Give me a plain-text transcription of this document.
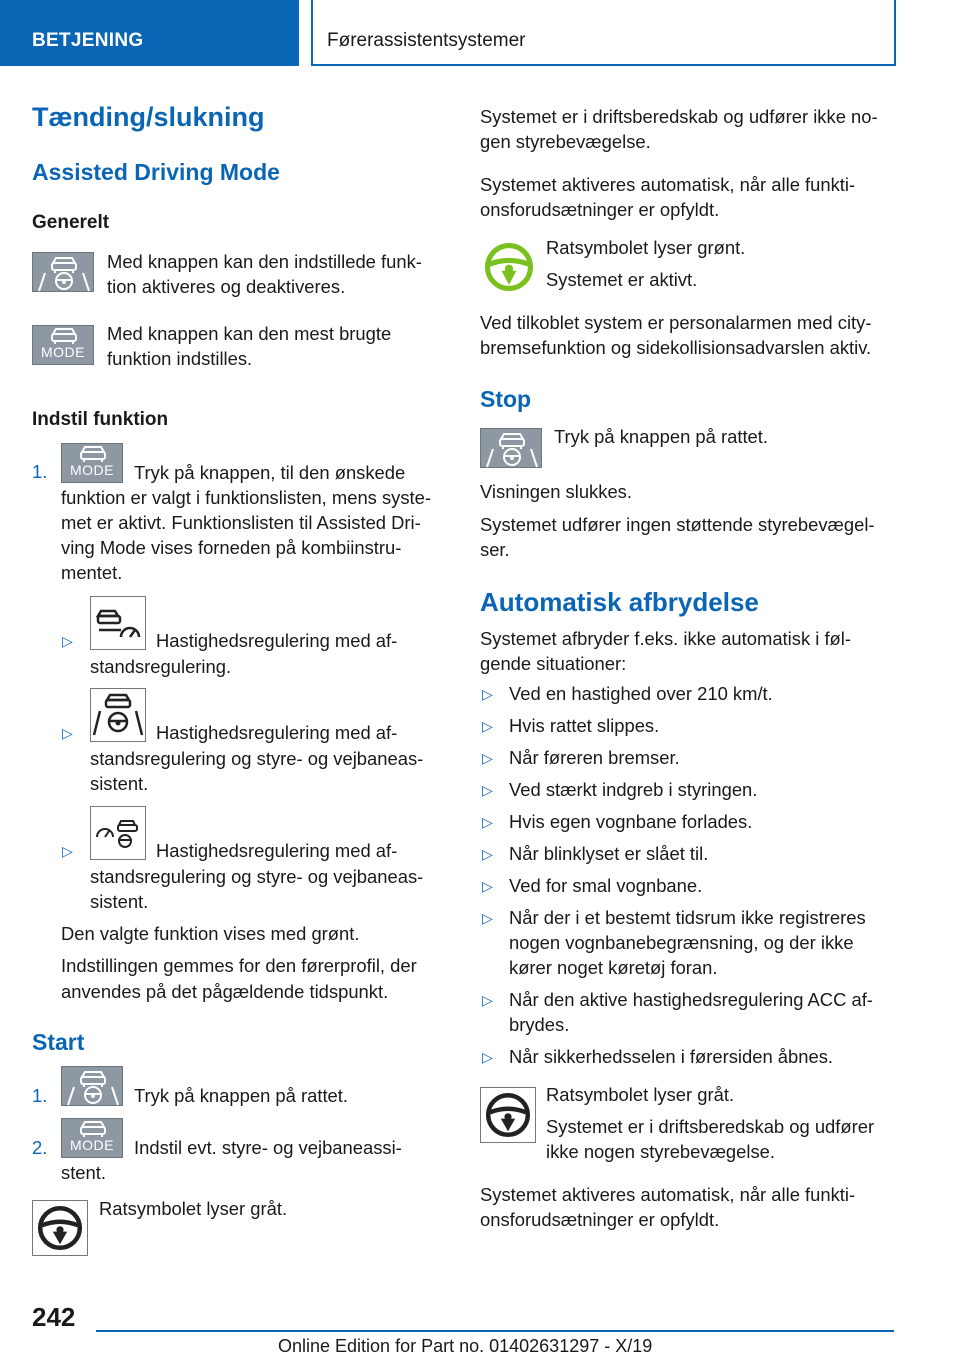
BETJENING	Førerassistentsystemer
Tænding/slukning
Assisted Driving Mode
Generelt
Med knappen kan den indstillede funk-
tion aktiveres og deaktiveres.
MODE
Med knappen kan den mest brugte
funktion indstilles.
Indstil funktion
1.	MODE	Tryk på knappen, til den ønskede
funktion er valgt i funktionslisten, mens syste-
met er aktivt. Funktionslisten til Assisted Dri-
ving Mode vises forneden på kombiinstru-
mentet.
▷	Hastighedsregulering med af-
standsregulering.
▷	Hastighedsregulering med af-
standsregulering og styre- og vejbaneas-
sistent.
▷	Hastighedsregulering med af-
standsregulering og styre- og vejbaneas-
sistent.
Den valgte funktion vises med grønt.
Indstillingen gemmes for den førerprofil, der
anvendes på det pågældende tidspunkt.
Start
1.	Tryk på knappen på rattet.
2.	MODE	Indstil evt. styre- og vejbaneassi-
stent.
Ratsymbolet lyser gråt.
Systemet er i driftsberedskab og udfører ikke no-
gen styrebevægelse.
Systemet aktiveres automatisk, når alle funkti-
onsforudsætninger er opfyldt.
Ratsymbolet lyser grønt.
Systemet er aktivt.
Ved tilkoblet system er personalarmen med city-
bremsefunktion og sidekollisionsadvarslen aktiv.
Stop
Tryk på knappen på rattet.
Visningen slukkes.
Systemet udfører ingen støttende styrebevægel-
ser.
Automatisk afbrydelse
Systemet afbryder f.eks. ikke automatisk i føl-
gende situationer:
▷ Ved en hastighed over 210 km/t.
▷ Hvis rattet slippes.
▷ Når føreren bremser.
▷ Ved stærkt indgreb i styringen.
▷ Hvis egen vognbane forlades.
▷ Når blinklyset er slået til.
▷ Ved for smal vognbane.
▷ Når der i et bestemt tidsrum ikke registreres
nogen vognbanebegrænsning, og der ikke
kører noget køretøj foran.
▷ Når den aktive hastighedsregulering ACC af-
brydes.
▷ Når sikkerhedsselen i førersiden åbnes.
Ratsymbolet lyser gråt.
Systemet er i driftsberedskab og udfører
ikke nogen styrebevægelse.
Systemet aktiveres automatisk, når alle funkti-
onsforudsætninger er opfyldt.
242
Online Edition for Part no. 01402631297 - X/19
